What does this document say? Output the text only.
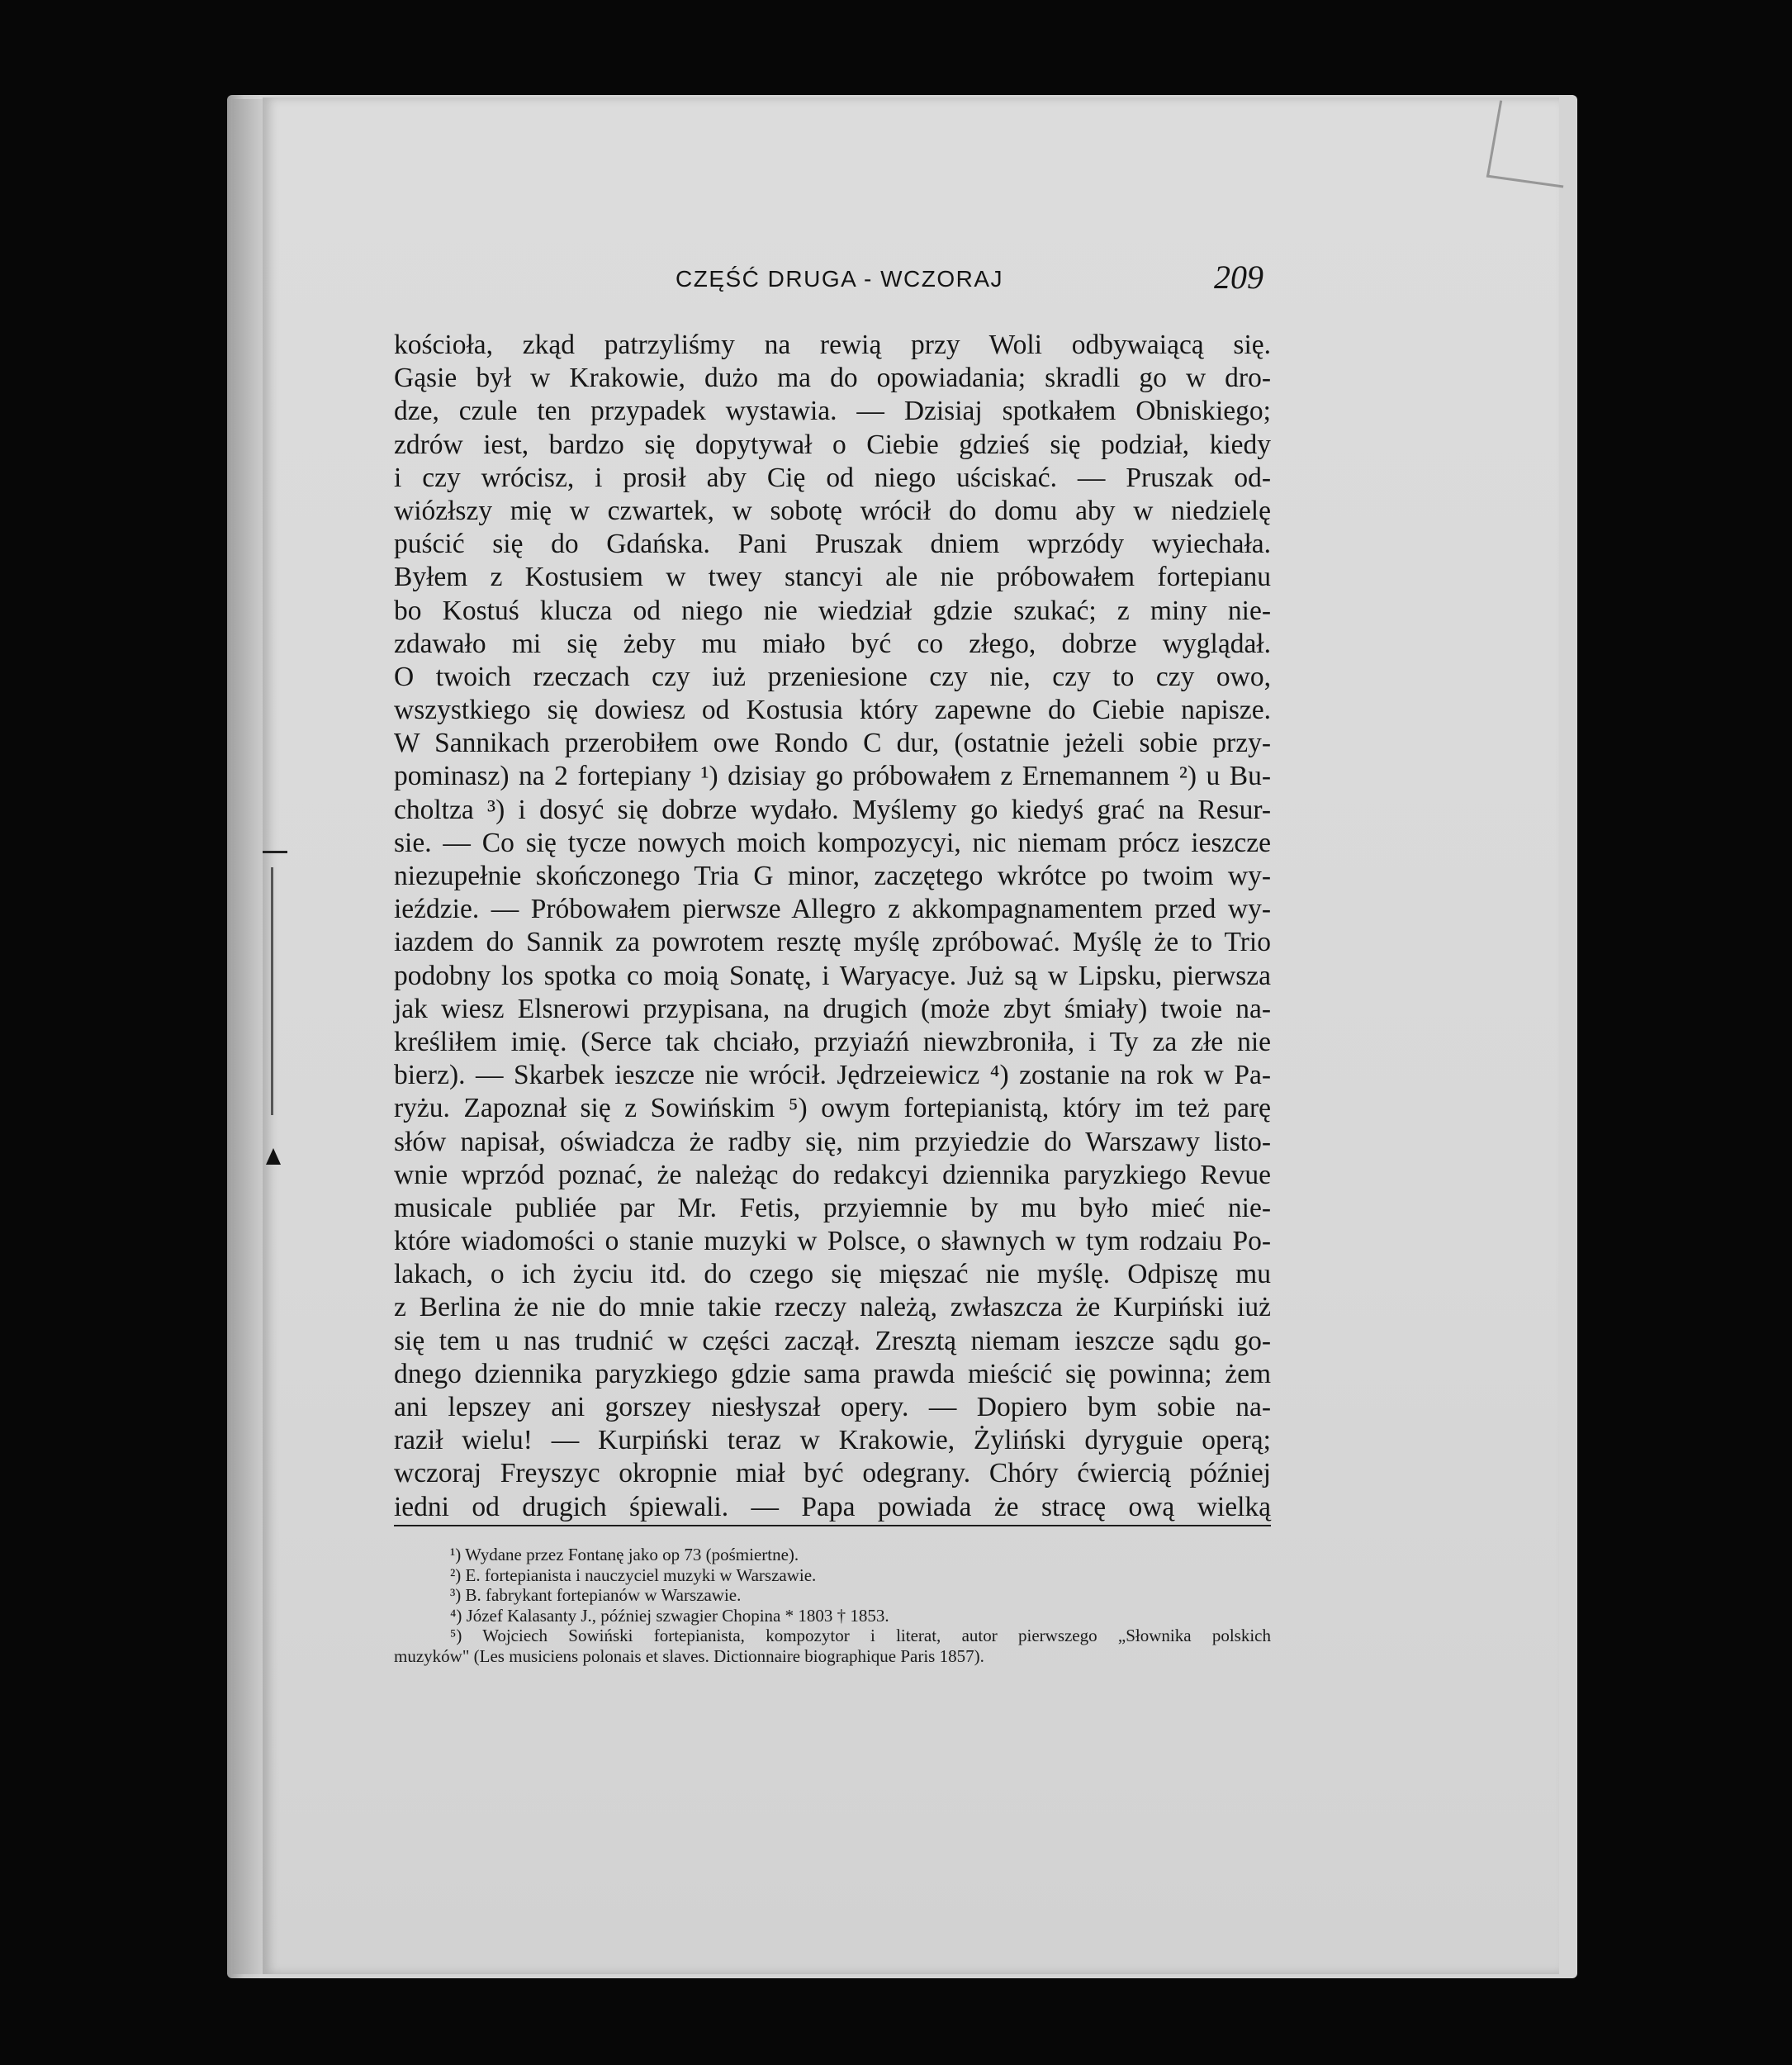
CZĘŚĆ DRUGA - WCZORAJ	209
kościoła, zkąd patrzyliśmy na rewią przy Woli odbywaiącą się.
Gąsie był w Krakowie, dużo ma do opowiadania; skradli go w dro-
dze, czule ten przypadek wystawia. — Dzisiaj spotkałem Obniskiego;
zdrów iest, bardzo się dopytywał o Ciebie gdzieś się podział, kiedy
i czy wrócisz, i prosił aby Cię od niego uściskać. — Pruszak od-
wiózłszy mię w czwartek, w sobotę wrócił do domu aby w niedzielę
puścić się do Gdańska. Pani Pruszak dniem wprzódy wyiechała.
Byłem z Kostusiem w twey stancyi ale nie próbowałem fortepianu
bo Kostuś klucza od niego nie wiedział gdzie szukać; z miny nie-
zdawało mi się żeby mu miało być co złego, dobrze wyglądał.
O twoich rzeczach czy iuż przeniesione czy nie, czy to czy owo,
wszystkiego się dowiesz od Kostusia który zapewne do Ciebie napisze.
W Sannikach przerobiłem owe Rondo C dur, (ostatnie jeżeli sobie przy-
pominasz) na 2 fortepiany ¹) dzisiay go próbowałem z Ernemannem ²) u Bu-
choltza ³) i dosyć się dobrze wydało. Myślemy go kiedyś grać na Resur-
sie. — Co się tycze nowych moich kompozycyi, nic niemam prócz ieszcze
niezupełnie skończonego Tria G minor, zaczętego wkrótce po twoim wy-
ieździe. — Próbowałem pierwsze Allegro z akkompagnamentem przed wy-
iazdem do Sannik za powrotem resztę myślę zpróbować. Myślę że to Trio
podobny los spotka co moią Sonatę, i Waryacye. Już są w Lipsku, pierwsza
jak wiesz Elsnerowi przypisana, na drugich (może zbyt śmiały) twoie na-
kreśliłem imię. (Serce tak chciało, przyiaźń niewzbroniła, i Ty za złe nie
bierz). — Skarbek ieszcze nie wrócił. Jędrzeiewicz ⁴) zostanie na rok w Pa-
ryżu. Zapoznał się z Sowińskim ⁵) owym fortepianistą, który im też parę
słów napisał, oświadcza że radby się, nim przyiedzie do Warszawy listo-
wnie wprzód poznać, że należąc do redakcyi dziennika paryzkiego Revue
musicale publiée par Mr. Fetis, przyiemnie by mu było mieć nie-
które wiadomości o stanie muzyki w Polsce, o sławnych w tym rodzaiu Po-
lakach, o ich życiu itd. do czego się mięszać nie myślę. Odpiszę mu
z Berlina że nie do mnie takie rzeczy należą, zwłaszcza że Kurpiński iuż
się tem u nas trudnić w części zaczął. Zresztą niemam ieszcze sądu go-
dnego dziennika paryzkiego gdzie sama prawda mieścić się powinna; żem
ani lepszey ani gorszey niesłyszał opery. — Dopiero bym sobie na-
raził wielu! — Kurpiński teraz w Krakowie, Żyliński dyryguie operą;
wczoraj Freyszyc okropnie miał być odegrany. Chóry ćwiercią później
iedni od drugich śpiewali. — Papa powiada że stracę ową wielką
¹) Wydane przez Fontanę jako op 73 (pośmiertne).
²) E. fortepianista i nauczyciel muzyki w Warszawie.
³) B. fabrykant fortepianów w Warszawie.
⁴) Józef Kalasanty J., później szwagier Chopina * 1803 † 1853.
⁵) Wojciech Sowiński fortepianista, kompozytor i literat, autor pierwszego „Słownika polskich
muzyków" (Les musiciens polonais et slaves. Dictionnaire biographique Paris 1857).
